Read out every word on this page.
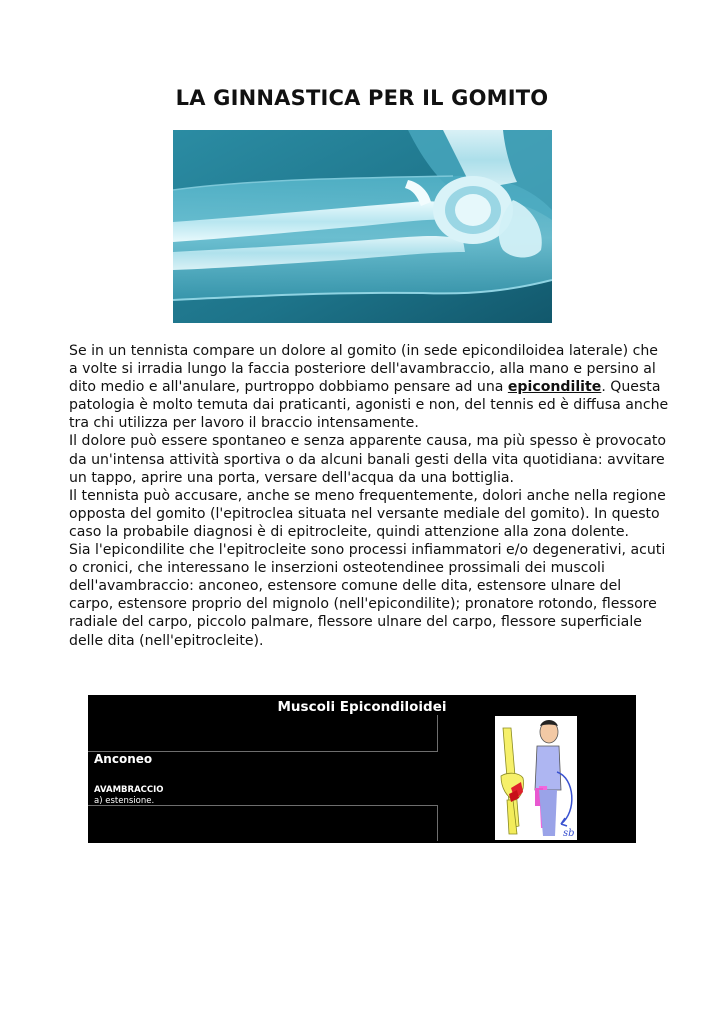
LA GINNASTICA PER IL GOMITO

Se in un tennista compare un dolore al gomito (in sede epicondiloidea laterale) che a volte si irradia lungo la faccia posteriore dell'avambraccio, alla mano e persino al dito medio e all'anulare, purtroppo dobbiamo pensare ad una epicondilite. Questa patologia è molto temuta dai praticanti, agonisti e non, del tennis ed è diffusa anche tra chi utilizza per lavoro il braccio intensamente.

Il dolore può essere spontaneo e senza apparente causa, ma più spesso è provocato da un'intensa attività sportiva o da alcuni banali gesti della vita quotidiana: avvitare un tappo, aprire una porta, versare dell'acqua da una bottiglia.

Il tennista può accusare, anche se meno frequentemente, dolori anche nella regione opposta del gomito (l'epitroclea situata nel versante mediale del gomito). In questo caso la probabile diagnosi è di epitrocleite, quindi attenzione alla zona dolente.

Sia l'epicondilite che l'epitrocleite sono processi infiammatori e/o degenerativi, acuti o cronici, che interessano le inserzioni osteotendinee prossimali dei muscoli dell'avambraccio: anconeo, estensore comune delle dita, estensore ulnare del carpo, estensore proprio del mignolo (nell'epicondilite); pronatore rotondo, flessore radiale del carpo, piccolo palmare, flessore ulnare del carpo, flessore superficiale delle dita (nell'epitrocleite).

Muscoli Epicondiloidei
Anconeo
AVAMBRACCIO
a) estensione.
sb
